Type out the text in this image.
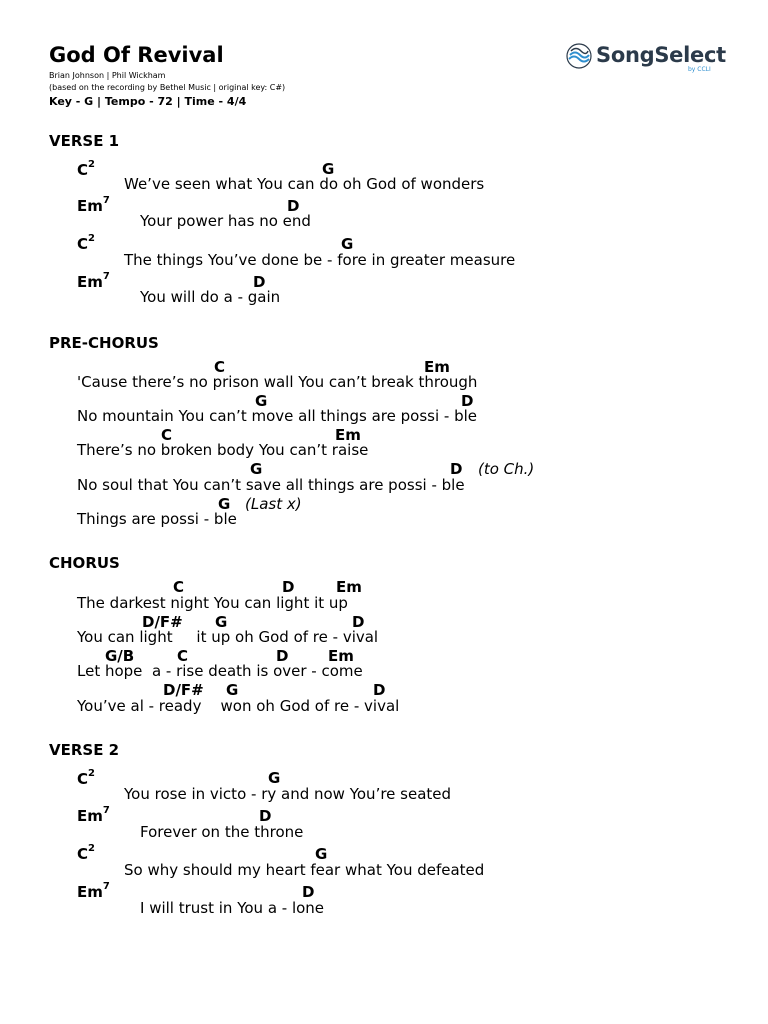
God Of Revival
Brian Johnson | Phil Wickham
(based on the recording by Bethel Music | original key: C#)
Key - G | Tempo - 72 | Time - 4/4
SongSelect
by CCLI
VERSE 1
$C^2$	G
We’ve seen what You can do oh God of wonders
Em$^7$	D
Your power has no end
$C^2$	G
The things You’ve done be - fore in greater measure
Em$^7$	D
You will do a - gain
PRE-CHORUS
C	Em
'Cause there’s no prison wall You can’t break through
G	D
No mountain You can’t move all things are possi - ble
C	Em
There’s no broken body You can’t raise
G	D (to Ch.)
No soul that You can’t save all things are possi - ble
G (Last x)
Things are possi - ble
CHORUS
C	D	Em
The darkest night You can light it up
D/F# G	D
You can light     it up oh God of re - vival
G/B	C	D	Em
Let hope  a - rise death is over - come
D/F# G	D
You’ve al - ready    won oh God of re - vival
VERSE 2
$C^2$	G
You rose in victo - ry and now You’re seated
Em$^7$	D
Forever on the throne
$C^2$	G
So why should my heart fear what You defeated
Em$^7$	D
I will trust in You a - lone
